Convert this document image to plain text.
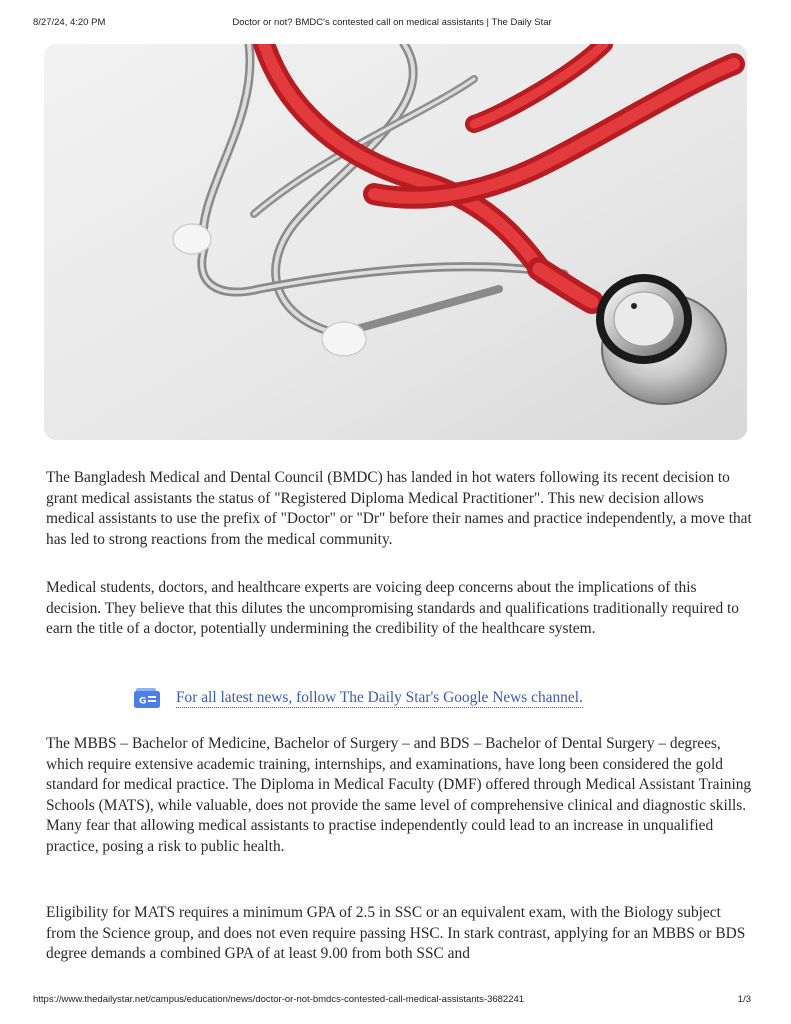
8/27/24, 4:20 PM	Doctor or not? BMDC's contested call on medical assistants | The Daily Star

The Bangladesh Medical and Dental Council (BMDC) has landed in hot waters following its recent decision to grant medical assistants the status of "Registered Diploma Medical Practitioner". This new decision allows medical assistants to use the prefix of "Doctor" or "Dr" before their names and practice independently, a move that has led to strong reactions from the medical community.

Medical students, doctors, and healthcare experts are voicing deep concerns about the implications of this decision. They believe that this dilutes the uncompromising standards and qualifications traditionally required to earn the title of a doctor, potentially undermining the credibility of the healthcare system.

G For all latest news, follow The Daily Star's Google News channel.

The MBBS – Bachelor of Medicine, Bachelor of Surgery – and BDS – Bachelor of Dental Surgery – degrees, which require extensive academic training, internships, and examinations, have long been considered the gold standard for medical practice. The Diploma in Medical Faculty (DMF) offered through Medical Assistant Training Schools (MATS), while valuable, does not provide the same level of comprehensive clinical and diagnostic skills. Many fear that allowing medical assistants to practise independently could lead to an increase in unqualified practice, posing a risk to public health.

Eligibility for MATS requires a minimum GPA of 2.5 in SSC or an equivalent exam, with the Biology subject from the Science group, and does not even require passing HSC. In stark contrast, applying for an MBBS or BDS degree demands a combined GPA of at least 9.00 from both SSC and

https://www.thedailystar.net/campus/education/news/doctor-or-not-bmdcs-contested-call-medical-assistants-3682241	1/3
